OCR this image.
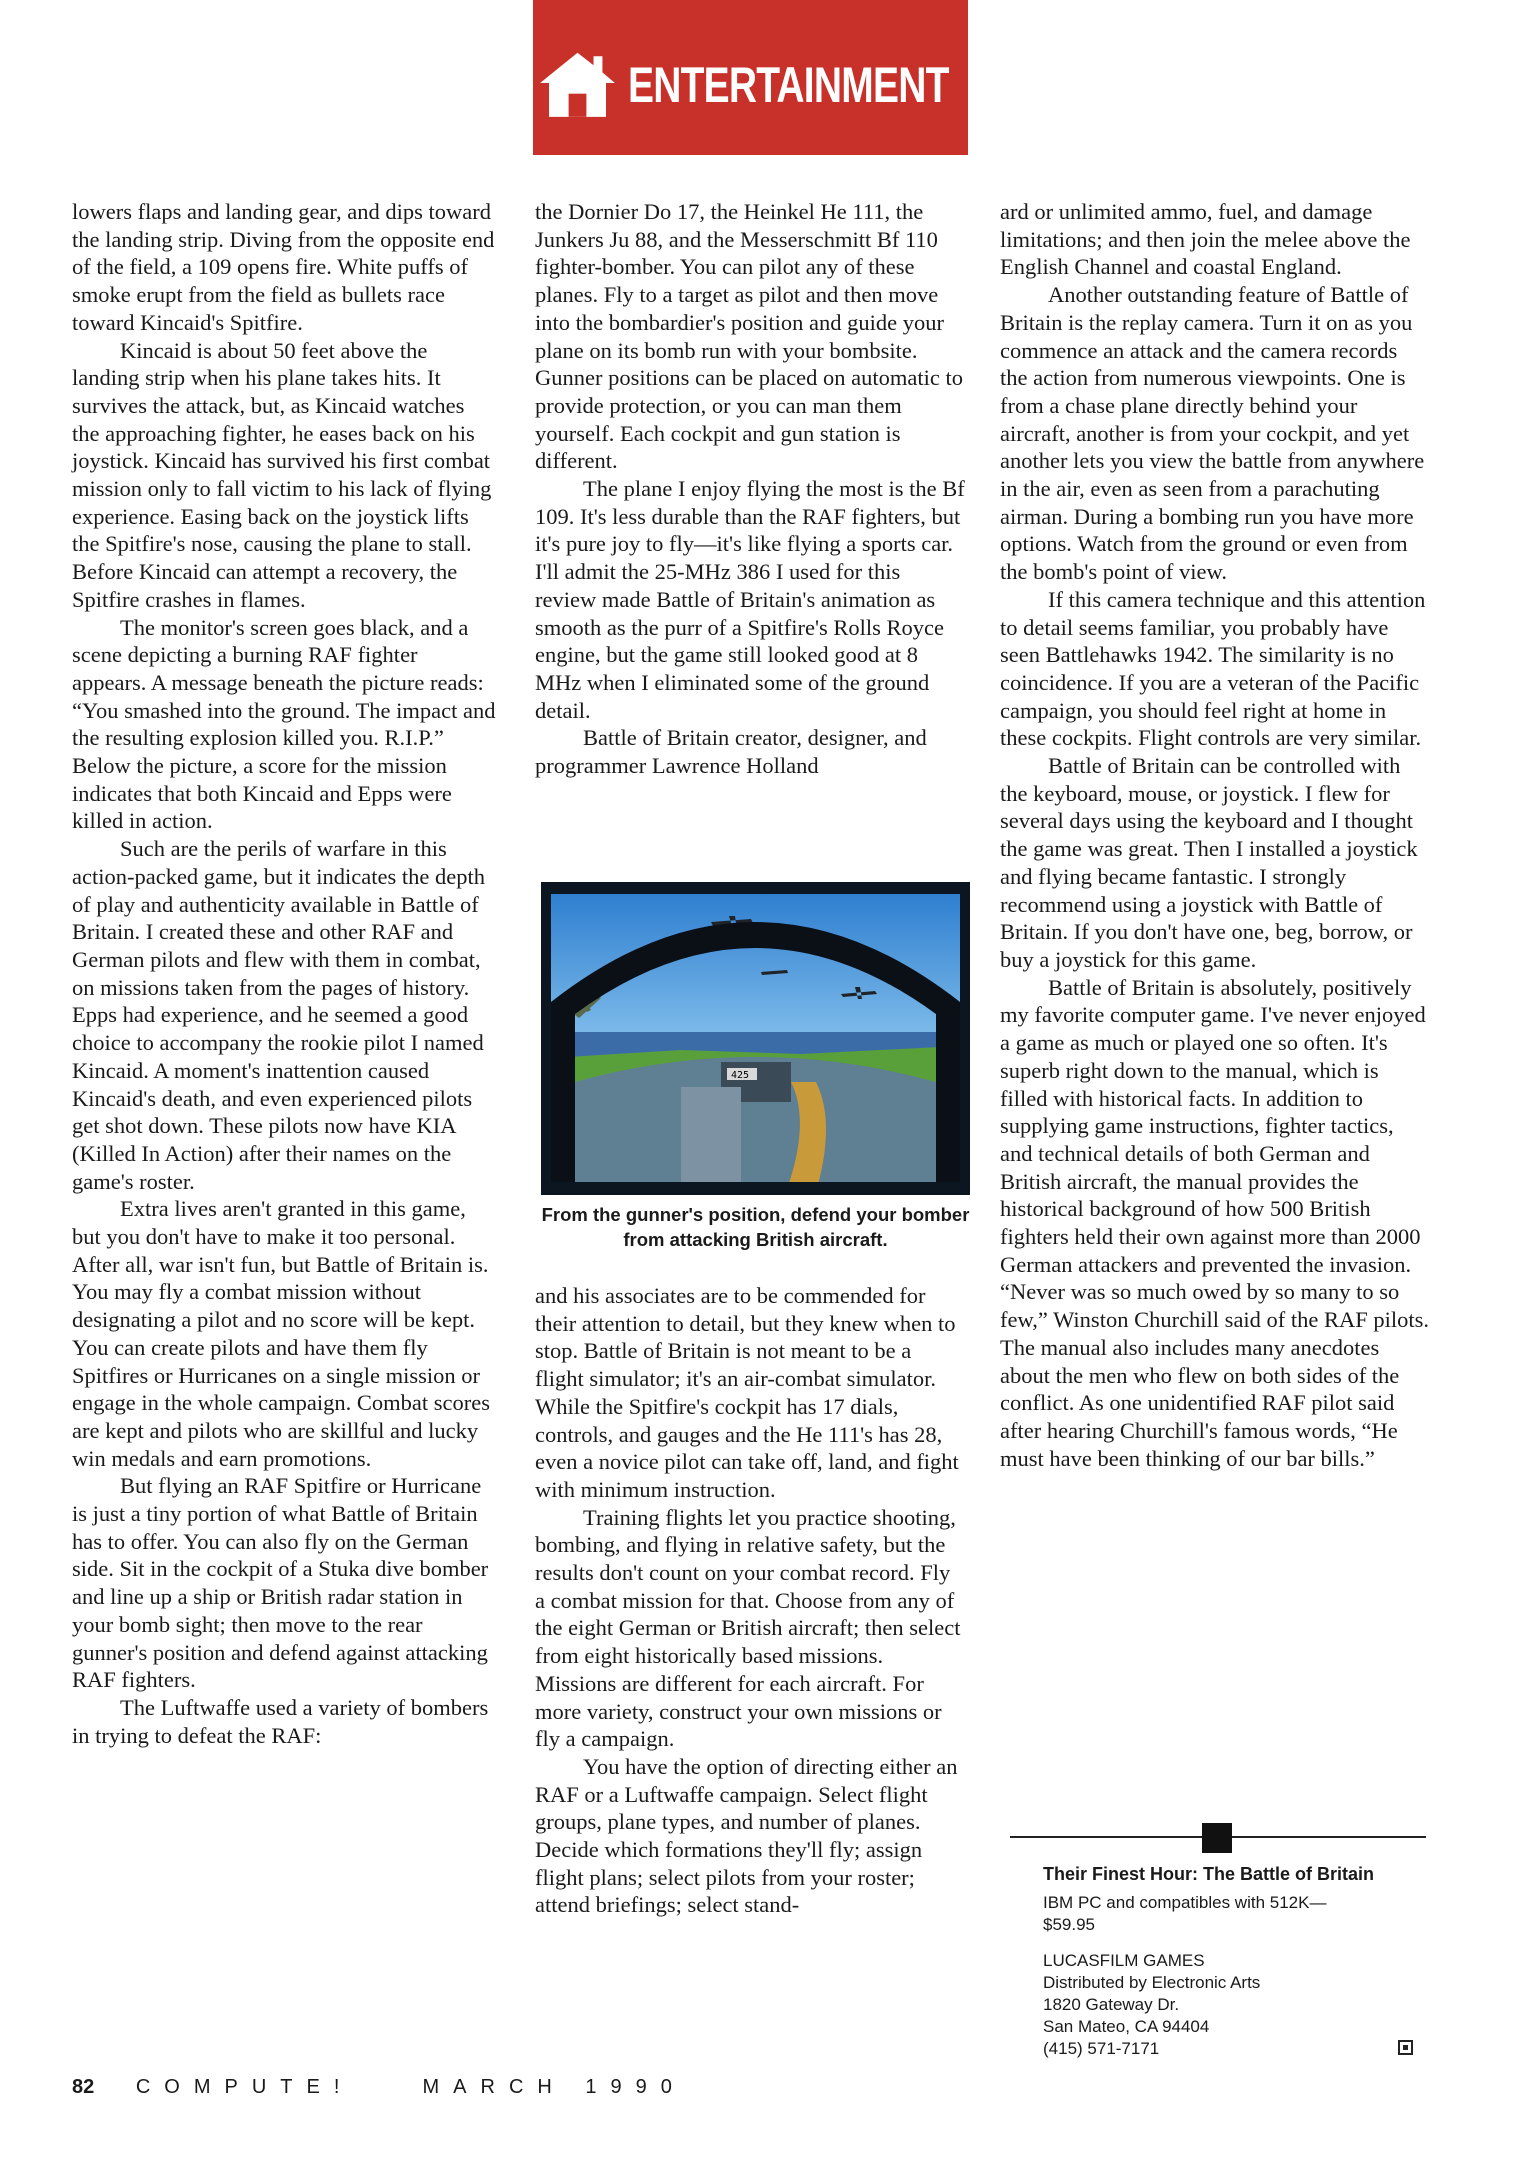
ENTERTAINMENT

lowers flaps and landing gear, and dips toward the landing strip. Diving from the opposite end of the field, a 109 opens fire. White puffs of smoke erupt from the field as bullets race toward Kincaid's Spitfire.

Kincaid is about 50 feet above the landing strip when his plane takes hits. It survives the attack, but, as Kincaid watches the approaching fighter, he eases back on his joystick. Kincaid has survived his first combat mission only to fall victim to his lack of flying experience. Easing back on the joystick lifts the Spitfire's nose, causing the plane to stall. Before Kincaid can attempt a recovery, the Spitfire crashes in flames.

The monitor's screen goes black, and a scene depicting a burning RAF fighter appears. A message beneath the picture reads: “You smashed into the ground. The impact and the resulting explosion killed you. R.I.P.” Below the picture, a score for the mission indicates that both Kincaid and Epps were killed in action.

Such are the perils of warfare in this action-packed game, but it indicates the depth of play and authenticity available in Battle of Britain. I created these and other RAF and German pilots and flew with them in combat, on missions taken from the pages of history. Epps had experience, and he seemed a good choice to accompany the rookie pilot I named Kincaid. A moment's inattention caused Kincaid's death, and even experienced pilots get shot down. These pilots now have KIA (Killed In Action) after their names on the game's roster.

Extra lives aren't granted in this game, but you don't have to make it too personal. After all, war isn't fun, but Battle of Britain is. You may fly a combat mission without designating a pilot and no score will be kept. You can create pilots and have them fly Spitfires or Hurricanes on a single mission or engage in the whole campaign. Combat scores are kept and pilots who are skillful and lucky win medals and earn promotions.

But flying an RAF Spitfire or Hurricane is just a tiny portion of what Battle of Britain has to offer. You can also fly on the German side. Sit in the cockpit of a Stuka dive bomber and line up a ship or British radar station in your bomb sight; then move to the rear gunner's position and defend against attacking RAF fighters.

The Luftwaffe used a variety of bombers in trying to defeat the RAF:

the Dornier Do 17, the Heinkel He 111, the Junkers Ju 88, and the Messerschmitt Bf 110 fighter-bomber. You can pilot any of these planes. Fly to a target as pilot and then move into the bombardier's position and guide your plane on its bomb run with your bombsite. Gunner positions can be placed on automatic to provide protection, or you can man them yourself. Each cockpit and gun station is different.

The plane I enjoy flying the most is the Bf 109. It's less durable than the RAF fighters, but it's pure joy to fly—it's like flying a sports car. I'll admit the 25-MHz 386 I used for this review made Battle of Britain's animation as smooth as the purr of a Spitfire's Rolls Royce engine, but the game still looked good at 8 MHz when I eliminated some of the ground detail.

Battle of Britain creator, designer, and programmer Lawrence Holland

and his associates are to be commended for their attention to detail, but they knew when to stop. Battle of Britain is not meant to be a flight simulator; it's an air-combat simulator. While the Spitfire's cockpit has 17 dials, controls, and gauges and the He 111's has 28, even a novice pilot can take off, land, and fight with minimum instruction.

Training flights let you practice shooting, bombing, and flying in relative safety, but the results don't count on your combat record. Fly a combat mission for that. Choose from any of the eight German or British aircraft; then select from eight historically based missions. Missions are different for each aircraft. For more variety, construct your own missions or fly a campaign.

You have the option of directing either an RAF or a Luftwaffe campaign. Select flight groups, plane types, and number of planes. Decide which formations they'll fly; assign flight plans; select pilots from your roster; attend briefings; select stand-

ard or unlimited ammo, fuel, and damage limitations; and then join the melee above the English Channel and coastal England.

Another outstanding feature of Battle of Britain is the replay camera. Turn it on as you commence an attack and the camera records the action from numerous viewpoints. One is from a chase plane directly behind your aircraft, another is from your cockpit, and yet another lets you view the battle from anywhere in the air, even as seen from a parachuting airman. During a bombing run you have more options. Watch from the ground or even from the bomb's point of view.

If this camera technique and this attention to detail seems familiar, you probably have seen Battlehawks 1942. The similarity is no coincidence. If you are a veteran of the Pacific campaign, you should feel right at home in these cockpits. Flight controls are very similar.

Battle of Britain can be controlled with the keyboard, mouse, or joystick. I flew for several days using the keyboard and I thought the game was great. Then I installed a joystick and flying became fantastic. I strongly recommend using a joystick with Battle of Britain. If you don't have one, beg, borrow, or buy a joystick for this game.

Battle of Britain is absolutely, positively my favorite computer game. I've never enjoyed a game as much or played one so often. It's superb right down to the manual, which is filled with historical facts. In addition to supplying game instructions, fighter tactics, and technical details of both German and British aircraft, the manual provides the historical background of how 500 British fighters held their own against more than 2000 German attackers and prevented the invasion. “Never was so much owed by so many to so few,” Winston Churchill said of the RAF pilots. The manual also includes many anecdotes about the men who flew on both sides of the conflict. As one unidentified RAF pilot said after hearing Churchill's famous words, “He must have been thinking of our bar bills.”

425
From the gunner's position, defend your bomber from attacking British aircraft.
Their Finest Hour: The Battle of Britain
IBM PC and compatibles with 512K—
$59.95
LUCASFILM GAMES
Distributed by Electronic Arts
1820 Gateway Dr.
San Mateo, CA 94404
(415) 571-7171
82 COMPUTE!	MARCH 1990
